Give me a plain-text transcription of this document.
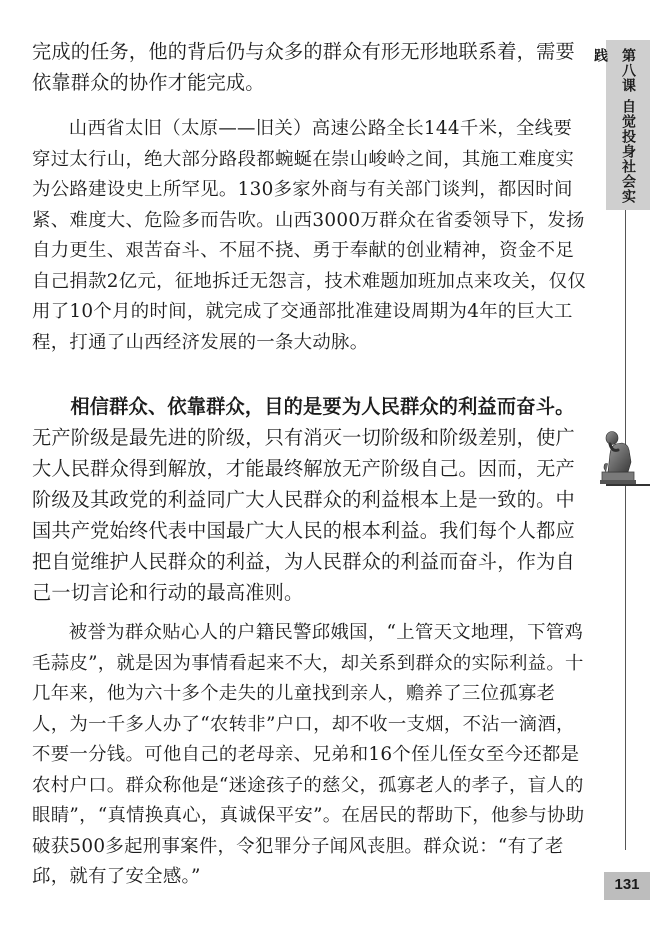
完成的任务，他的背后仍与众多的群众有形无形地联系着，需要依靠群众的协作才能完成。

山西省太旧（太原——旧关）高速公路全长144千米，全线要穿过太行山，绝大部分路段都蜿蜒在崇山峻岭之间，其施工难度实为公路建设史上所罕见。130多家外商与有关部门谈判，都因时间紧、难度大、危险多而告吹。山西3000万群众在省委领导下，发扬自力更生、艰苦奋斗、不屈不挠、勇于奉献的创业精神，资金不足自己捐款2亿元，征地拆迁无怨言，技术难题加班加点来攻关，仅仅用了10个月的时间，就完成了交通部批准建设周期为4年的巨大工程，打通了山西经济发展的一条大动脉。

相信群众、依靠群众，目的是要为人民群众的利益而奋斗。无产阶级是最先进的阶级，只有消灭一切阶级和阶级差别，使广大人民群众得到解放，才能最终解放无产阶级自己。因而，无产阶级及其政党的利益同广大人民群众的利益根本上是一致的。中国共产党始终代表中国最广大人民的根本利益。我们每个人都应把自觉维护人民群众的利益，为人民群众的利益而奋斗，作为自己一切言论和行动的最高准则。

被誉为群众贴心人的户籍民警邱娥国，“上管天文地理，下管鸡毛蒜皮”，就是因为事情看起来不大，却关系到群众的实际利益。十几年来，他为六十多个走失的儿童找到亲人，赡养了三位孤寡老人，为一千多人办了“农转非”户口，却不收一支烟，不沾一滴酒，不要一分钱。可他自己的老母亲、兄弟和16个侄儿侄女至今还都是农村户口。群众称他是“迷途孩子的慈父，孤寡老人的孝子，盲人的眼睛”，“真情换真心，真诚保平安”。在居民的帮助下，他参与协助破获500多起刑事案件，令犯罪分子闻风丧胆。群众说：“有了老邱，就有了安全感。”

第八课自觉投身社会实践
131
